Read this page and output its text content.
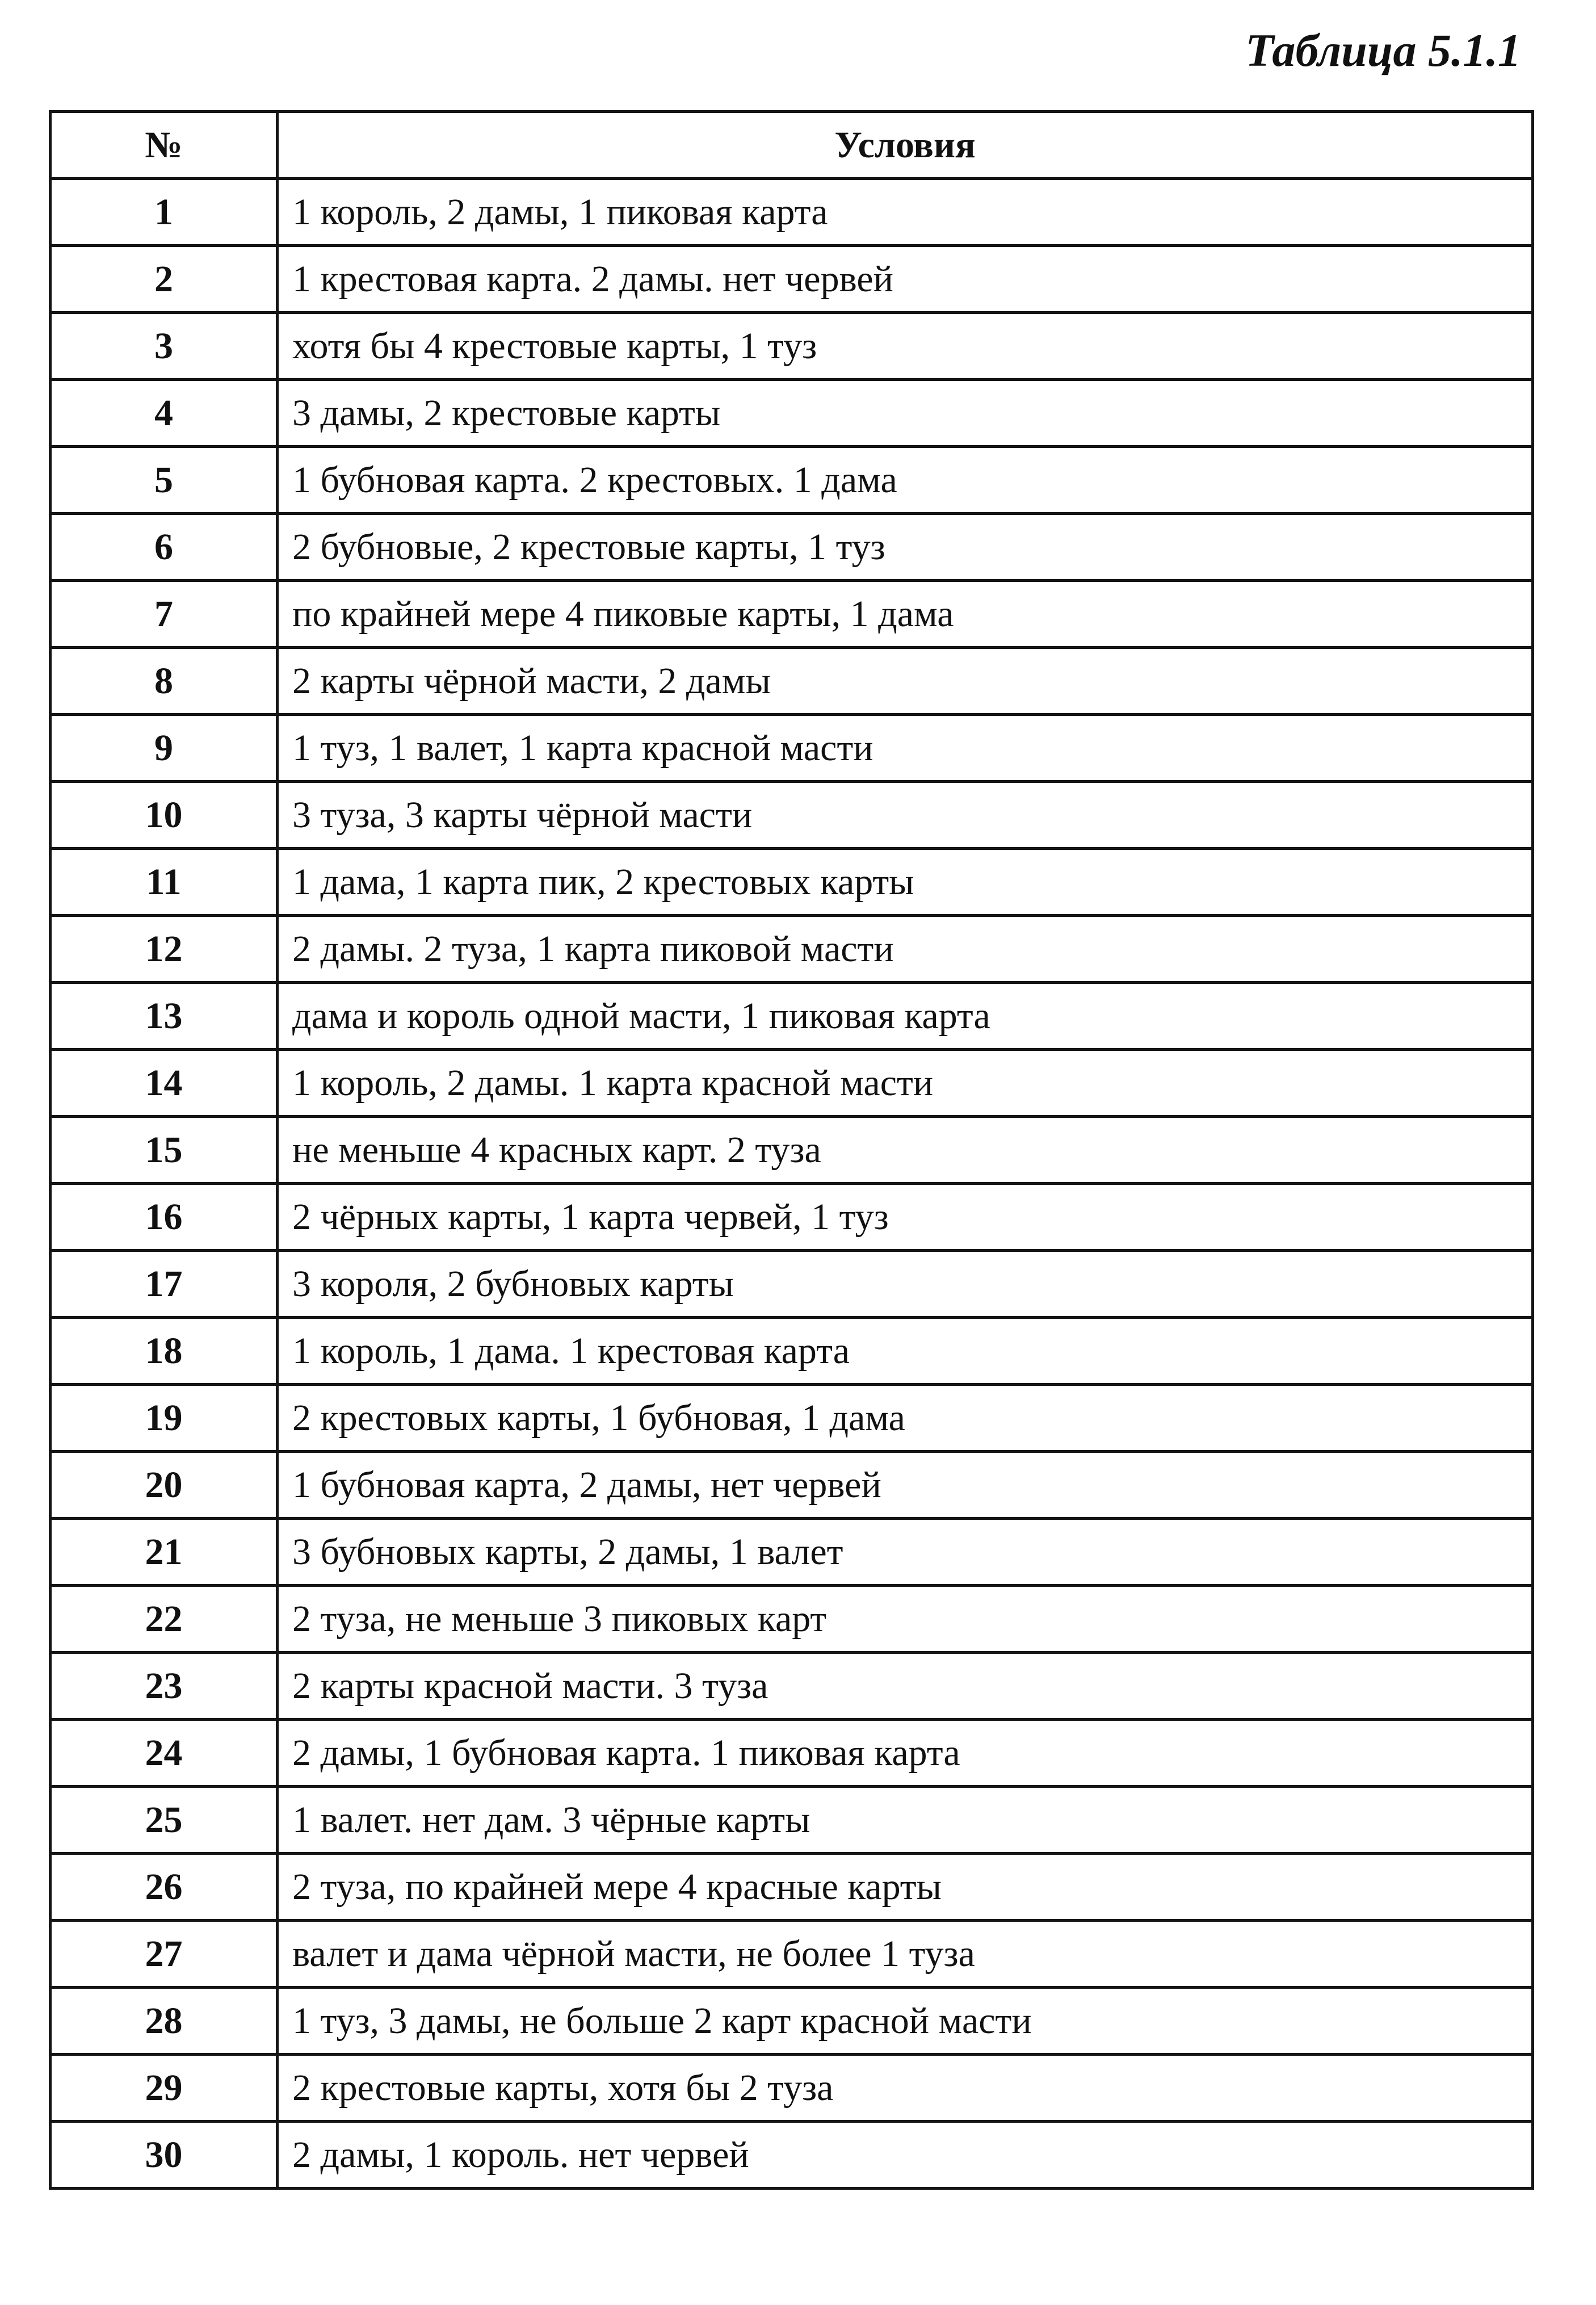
Таблица 5.1.1
№	Условия
1	1 король, 2 дамы, 1 пиковая карта
2	1 крестовая карта. 2 дамы. нет червей
3	хотя бы 4 крестовые карты, 1 туз
4	3 дамы, 2 крестовые карты
5	1 бубновая карта. 2 крестовых. 1 дама
6	2 бубновые, 2 крестовые карты, 1 туз
7	по крайней мере 4 пиковые карты, 1 дама
8	2 карты чёрной масти, 2 дамы
9	1 туз, 1 валет, 1 карта красной масти
10	3 туза, 3 карты чёрной масти
11	1 дама, 1 карта пик, 2 крестовых карты
12	2 дамы. 2 туза, 1 карта пиковой масти
13	дама и король одной масти, 1 пиковая карта
14	1 король, 2 дамы. 1 карта красной масти
15	не меньше 4 красных карт. 2 туза
16	2 чёрных карты, 1 карта червей, 1 туз
17	3 короля, 2 бубновых карты
18	1 король, 1 дама. 1 крестовая карта
19	2 крестовых карты, 1 бубновая, 1 дама
20	1 бубновая карта, 2 дамы, нет червей
21	3 бубновых карты, 2 дамы, 1 валет
22	2 туза, не меньше 3 пиковых карт
23	2 карты красной масти. 3 туза
24	2 дамы, 1 бубновая карта. 1 пиковая карта
25	1 валет. нет дам. 3 чёрные карты
26	2 туза, по крайней мере 4 красные карты
27	валет и дама чёрной масти, не более 1 туза
28	1 туз, 3 дамы, не больше 2 карт красной масти
29	2 крестовые карты, хотя бы 2 туза
30	2 дамы, 1 король. нет червей
